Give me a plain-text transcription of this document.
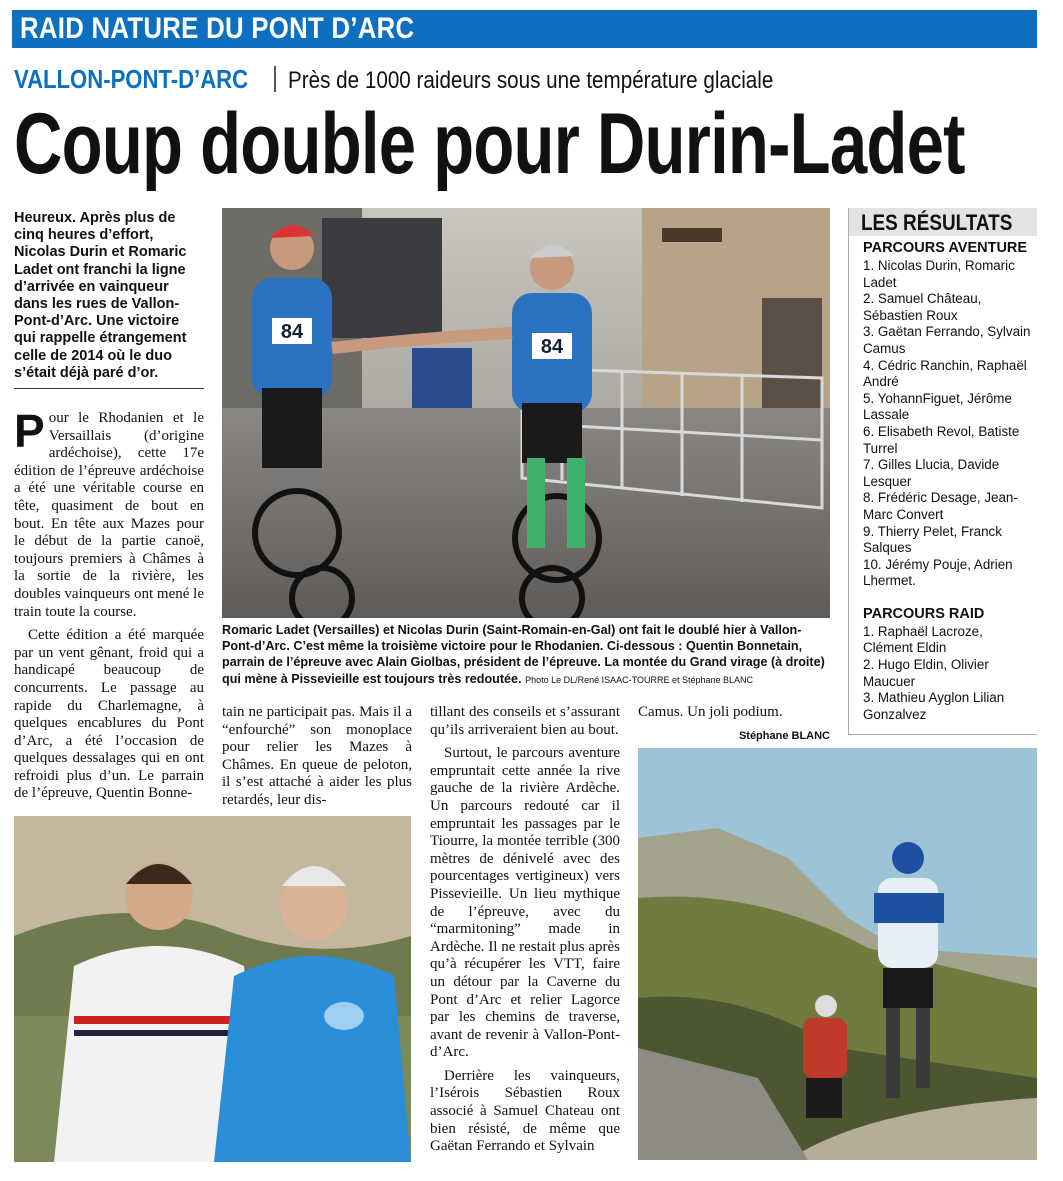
RAID NATURE DU PONT D’ARC
VALLON-PONT-D’ARC Près de 1000 raideurs sous une température glaciale
Coup double pour Durin-Ladet
Heureux. Après plus de cinq heures d’effort, Nicolas Durin et Romaric Ladet ont franchi la ligne d’arrivée en vainqueur dans les rues de Vallon-Pont-d’Arc. Une victoire qui rappelle étrangement celle de 2014 où le duo s’était déjà paré d’or.

Pour le Rhodanien et le Versaillais (d’origine ardéchoise), cette 17e édition de l’épreuve ardéchoise a été une véritable course en tête, quasiment de bout en bout. En tête aux Mazes pour le début de la partie canoë, toujours premiers à Châmes à la sortie de la rivière, les doubles vainqueurs ont mené le train toute la course.

Cette édition a été marquée par un vent gênant, froid qui a handicapé beaucoup de concurrents. Le passage au rapide du Charlemagne, à quelques encablures du Pont d’Arc, a été l’occasion de quelques dessalages qui en ont refroidi plus d’un. Le parrain de l’épreuve, Quentin Bonne-

84
84
Romaric Ladet (Versailles) et Nicolas Durin (Saint-Romain-en-Gal) ont fait le doublé hier à Vallon-Pont-d’Arc. C’est même la troisième victoire pour le Rhodanien. Ci-dessous : Quentin Bonnetain, parrain de l’épreuve avec Alain Giolbas, président de l’épreuve. La montée du Grand virage (à droite) qui mène à Pissevieille est toujours très redoutée. Photo Le DL/René ISAAC-TOURRE et Stéphane BLANC
LES RÉSULTATS
PARCOURS AVENTURE
1. Nicolas Durin, Romaric Ladet
2. Samuel Château, Sébastien Roux
3. Gaëtan Ferrando, Sylvain Camus
4. Cédric Ranchin, Raphaël André
5. YohannFiguet, Jérôme Lassale
6. Elisabeth Revol, Batiste Turrel
7. Gilles Llucia, Davide Lesquer
8. Frédéric Desage, Jean-Marc Convert
9. Thierry Pelet, Franck Salques
10. Jérémy Pouje, Adrien Lhermet.
PARCOURS RAID
1. Raphaël Lacroze, Clément Eldin
2. Hugo Eldin, Olivier Maucuer
3. Mathieu Ayglon Lilian Gonzalvez

tain ne participait pas. Mais il a “enfourché” son monoplace pour relier les Mazes à Châmes. En queue de peloton, il s’est attaché à aider les plus retardés, leur dis-

tillant des conseils et s’assurant qu’ils arriveraient bien au bout.

Surtout, le parcours aventure empruntait cette année la rive gauche de la rivière Ardèche. Un parcours redouté car il empruntait les passages par le Tiourre, la montée terrible (300 mètres de dénivelé avec des pourcentages vertigineux) vers Pissevieille. Un lieu mythique de l’épreuve, avec du “marmitoning” made in Ardèche. Il ne restait plus après qu’à récupérer les VTT, faire un détour par la Caverne du Pont d’Arc et relier Lagorce par les chemins de traverse, avant de revenir à Vallon-Pont-d’Arc.

Derrière les vainqueurs, l’Isérois Sébastien Roux associé à Samuel Chateau ont bien résisté, de même que Gaëtan Ferrando et Sylvain

Camus. Un joli podium.

Stéphane BLANC
